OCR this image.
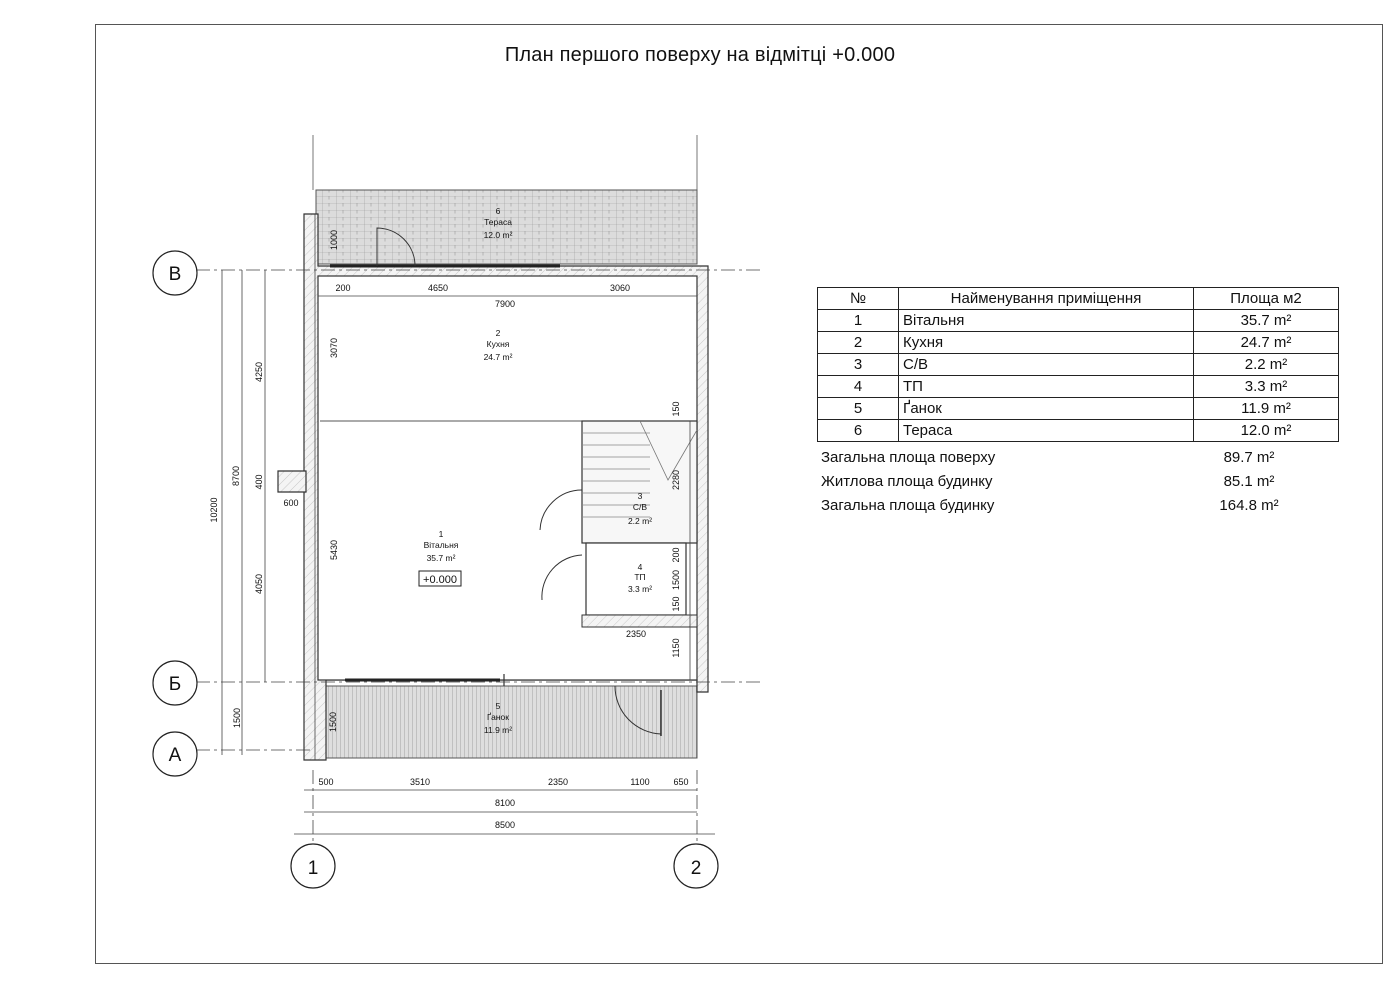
План першого поверху на відмітці +0.000
В
Б
А
1	2
6
Тераса
12.0 m²
2
Кухня
24.7 m²
1
Вітальня
35.7 m²
3
С/В
2.2 m²
4
ТП
3.3 m²
5
Ґанок
11.9 m²
+0.000
200	4650	3060
7900
500	3510	2350	1100	650
8100
8500
2350
600
4250
400
4050
1500
8700
10200
1000
3070
5430
1500
150
2280
200
1500
150
1150
№	Найменування приміщення	Площа м2
1	Вітальня	35.7 m²
2	Кухня	24.7 m²
3	С/В	2.2 m²
4	ТП	3.3 m²
5	Ґанок	11.9 m²
6	Тераса	12.0 m²
Загальна площа поверху	89.7 m²
Житлова площа будинку	85.1 m²
Загальна площа будинку	164.8 m²
